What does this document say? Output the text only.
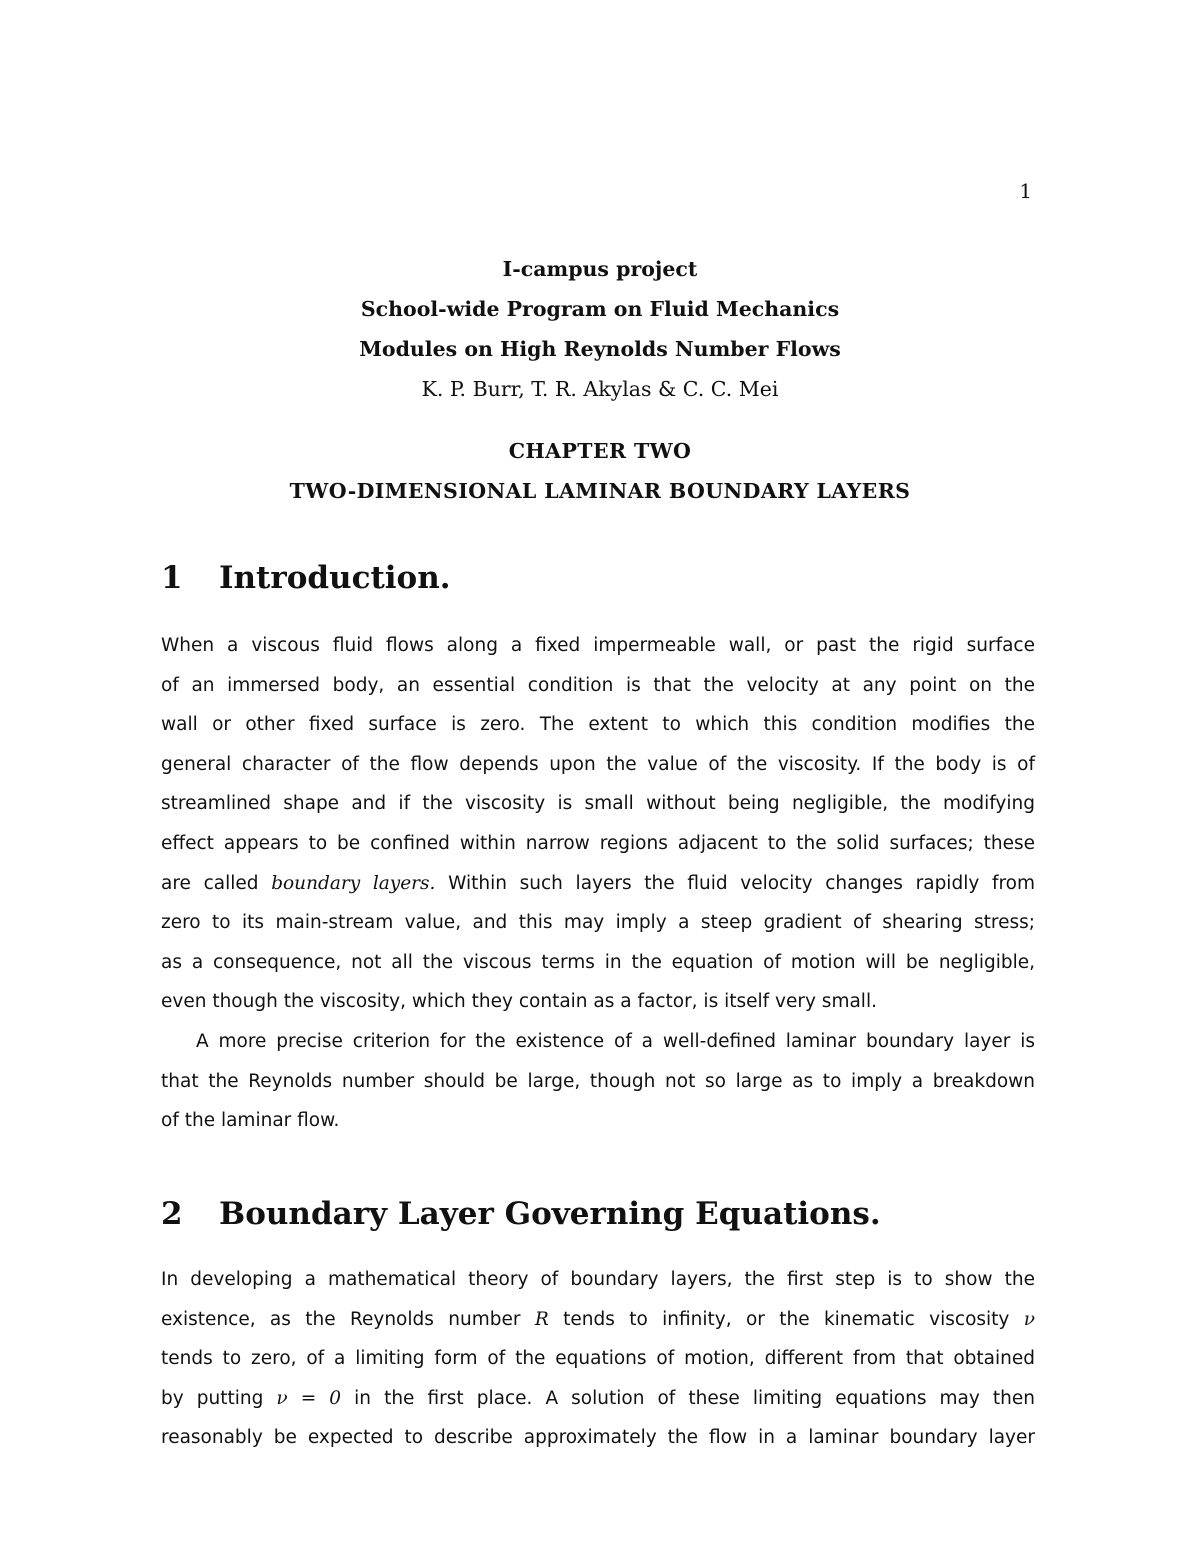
1
I-campus project
School-wide Program on Fluid Mechanics
Modules on High Reynolds Number Flows
K. P. Burr, T. R. Akylas & C. C. Mei
CHAPTER TWO
TWO-DIMENSIONAL LAMINAR BOUNDARY LAYERS
1 Introduction.
When a viscous fluid flows along a fixed impermeable wall, or past the rigid surface
of an immersed body, an essential condition is that the velocity at any point on the
wall or other fixed surface is zero. The extent to which this condition modifies the
general character of the flow depends upon the value of the viscosity. If the body is of
streamlined shape and if the viscosity is small without being negligible, the modifying
effect appears to be confined within narrow regions adjacent to the solid surfaces; these
are called boundary layers. Within such layers the fluid velocity changes rapidly from
zero to its main-stream value, and this may imply a steep gradient of shearing stress;
as a consequence, not all the viscous terms in the equation of motion will be negligible,
even though the viscosity, which they contain as a factor, is itself very small.
A more precise criterion for the existence of a well-defined laminar boundary layer is
that the Reynolds number should be large, though not so large as to imply a breakdown
of the laminar flow.
2 Boundary Layer Governing Equations.
In developing a mathematical theory of boundary layers, the first step is to show the
existence, as the Reynolds number R tends to infinity, or the kinematic viscosity ν
tends to zero, of a limiting form of the equations of motion, different from that obtained
by putting ν = 0 in the first place. A solution of these limiting equations may then
reasonably be expected to describe approximately the flow in a laminar boundary layer
